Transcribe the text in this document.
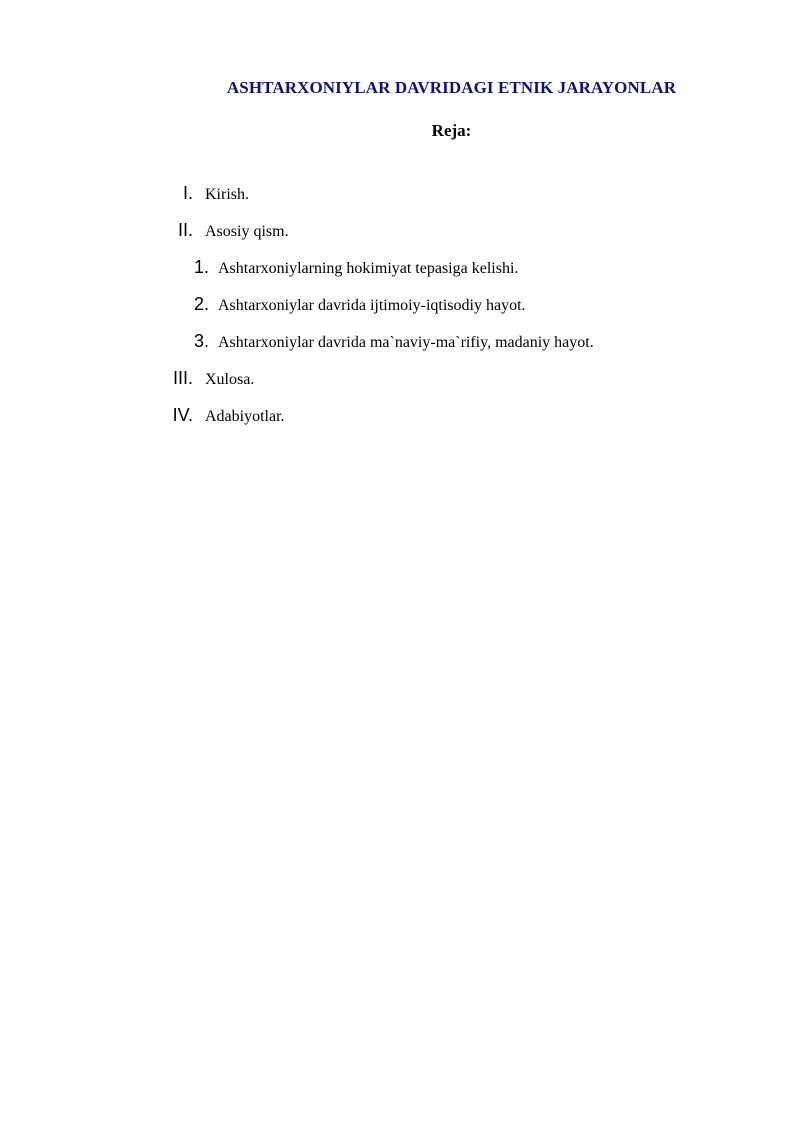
ASHTARXONIYLAR DAVRIDAGI ETNIK JARAYONLAR
Reja:
I. Kirish.
II. Asosiy qism.
1. Ashtarxoniylarning hokimiyat tepasiga kelishi.
2. Ashtarxoniylar davrida ijtimoiy-iqtisodiy hayot.
3. Ashtarxoniylar davrida ma`naviy-ma`rifiy, madaniy hayot.
III. Xulosa.
IV. Adabiyotlar.
